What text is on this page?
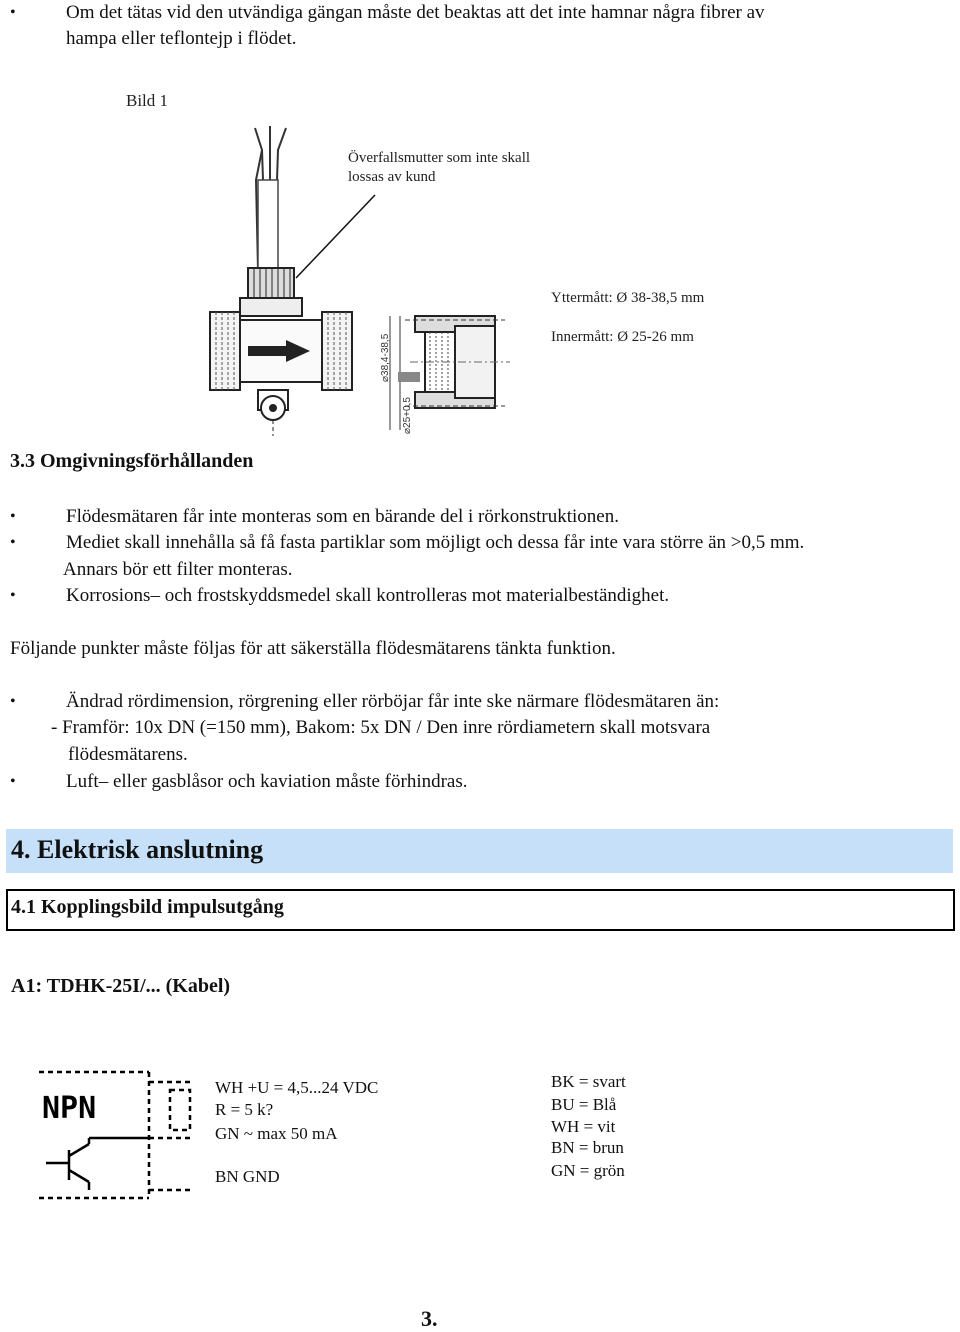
•	Om det tätas vid den utvändiga gängan måste det beaktas att det inte hamnar några fibrer av
hampa eller teflontejp i flödet.
Bild 1
Överfallsmutter som inte skall
lossas av kund
Yttermått: Ø 38-38,5 mm
Innermått: Ø 25-26 mm
⌀38,4-38,5
⌀25+0,5
3.3 Omgivningsförhållanden
•	Flödesmätaren får inte monteras som en bärande del i rörkonstruktionen.
•	Mediet skall innehålla så få fasta partiklar som möjligt och dessa får inte vara större än >0,5 mm.
Annars bör ett filter monteras.
•	Korrosions– och frostskyddsmedel skall kontrolleras mot materialbeständighet.
Följande punkter måste följas för att säkerställa flödesmätarens tänkta funktion.
•	Ändrad rördimension, rörgrening eller rörböjar får inte ske närmare flödesmätaren än:
- Framför: 10x DN (=150 mm), Bakom: 5x DN / Den inre rördiametern skall motsvara
flödesmätarens.
•	Luft– eller gasblåsor och kaviation måste förhindras.
4. Elektrisk anslutning
4.1 Kopplingsbild impulsutgång
A1: TDHK-25I/... (Kabel)
NPN
WH +U = 4,5...24 VDC
R = 5 k?
GN ~ max 50 mA
BN GND
BK = svart
BU = Blå
WH = vit
BN = brun
GN = grön
3.
